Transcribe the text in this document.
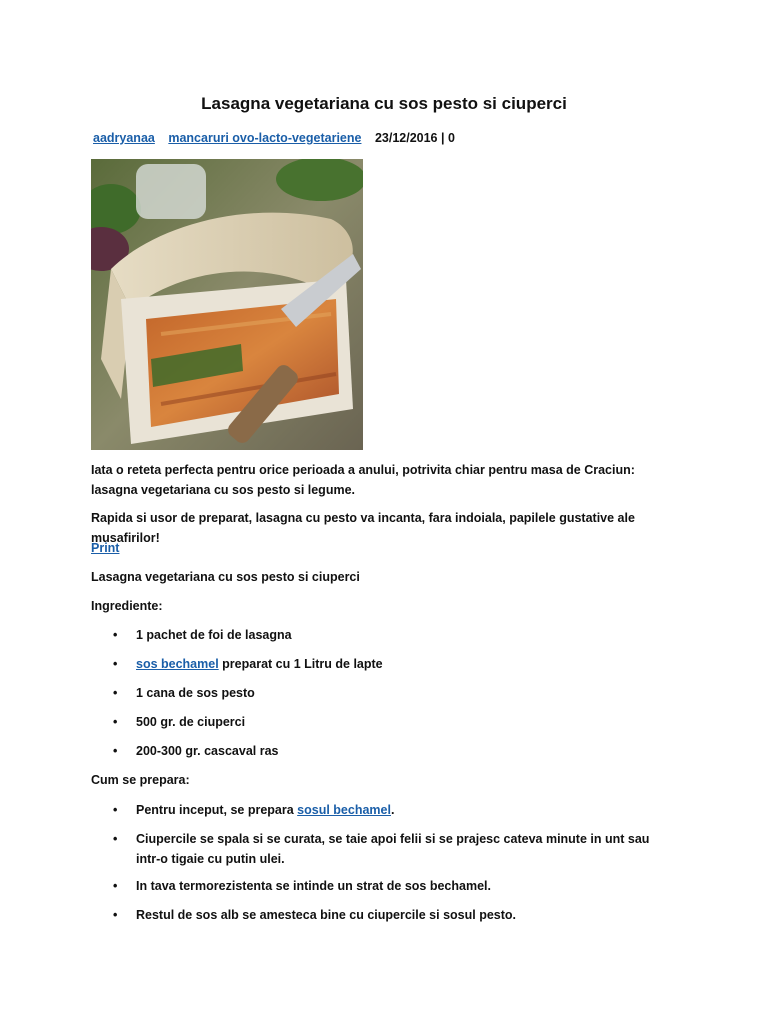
Lasagna vegetariana cu sos pesto si ciuperci
aadryanaa mancaruri ovo-lacto-vegetariene 23/12/2016 | 0

Iata o reteta perfecta pentru orice perioada a anului, potrivita chiar pentru masa de Craciun: lasagna vegetariana cu sos pesto si legume.

Rapida si usor de preparat, lasagna cu pesto va incanta, fara indoiala, papilele gustative ale musafirilor!

Print

Lasagna vegetariana cu sos pesto si ciuperci

Ingrediente:

• 1 pachet de foi de lasagna
• sos bechamel preparat cu 1 Litru de lapte
• 1 cana de sos pesto
• 500 gr. de ciuperci
• 200-300 gr. cascaval ras

Cum se prepara:

• Pentru inceput, se prepara sosul bechamel.
• Ciupercile se spala si se curata, se taie apoi felii si se prajesc cateva minute in unt sau intr-o tigaie cu putin ulei.
• In tava termorezistenta se intinde un strat de sos bechamel.
• Restul de sos alb se amesteca bine cu ciupercile si sosul pesto.
